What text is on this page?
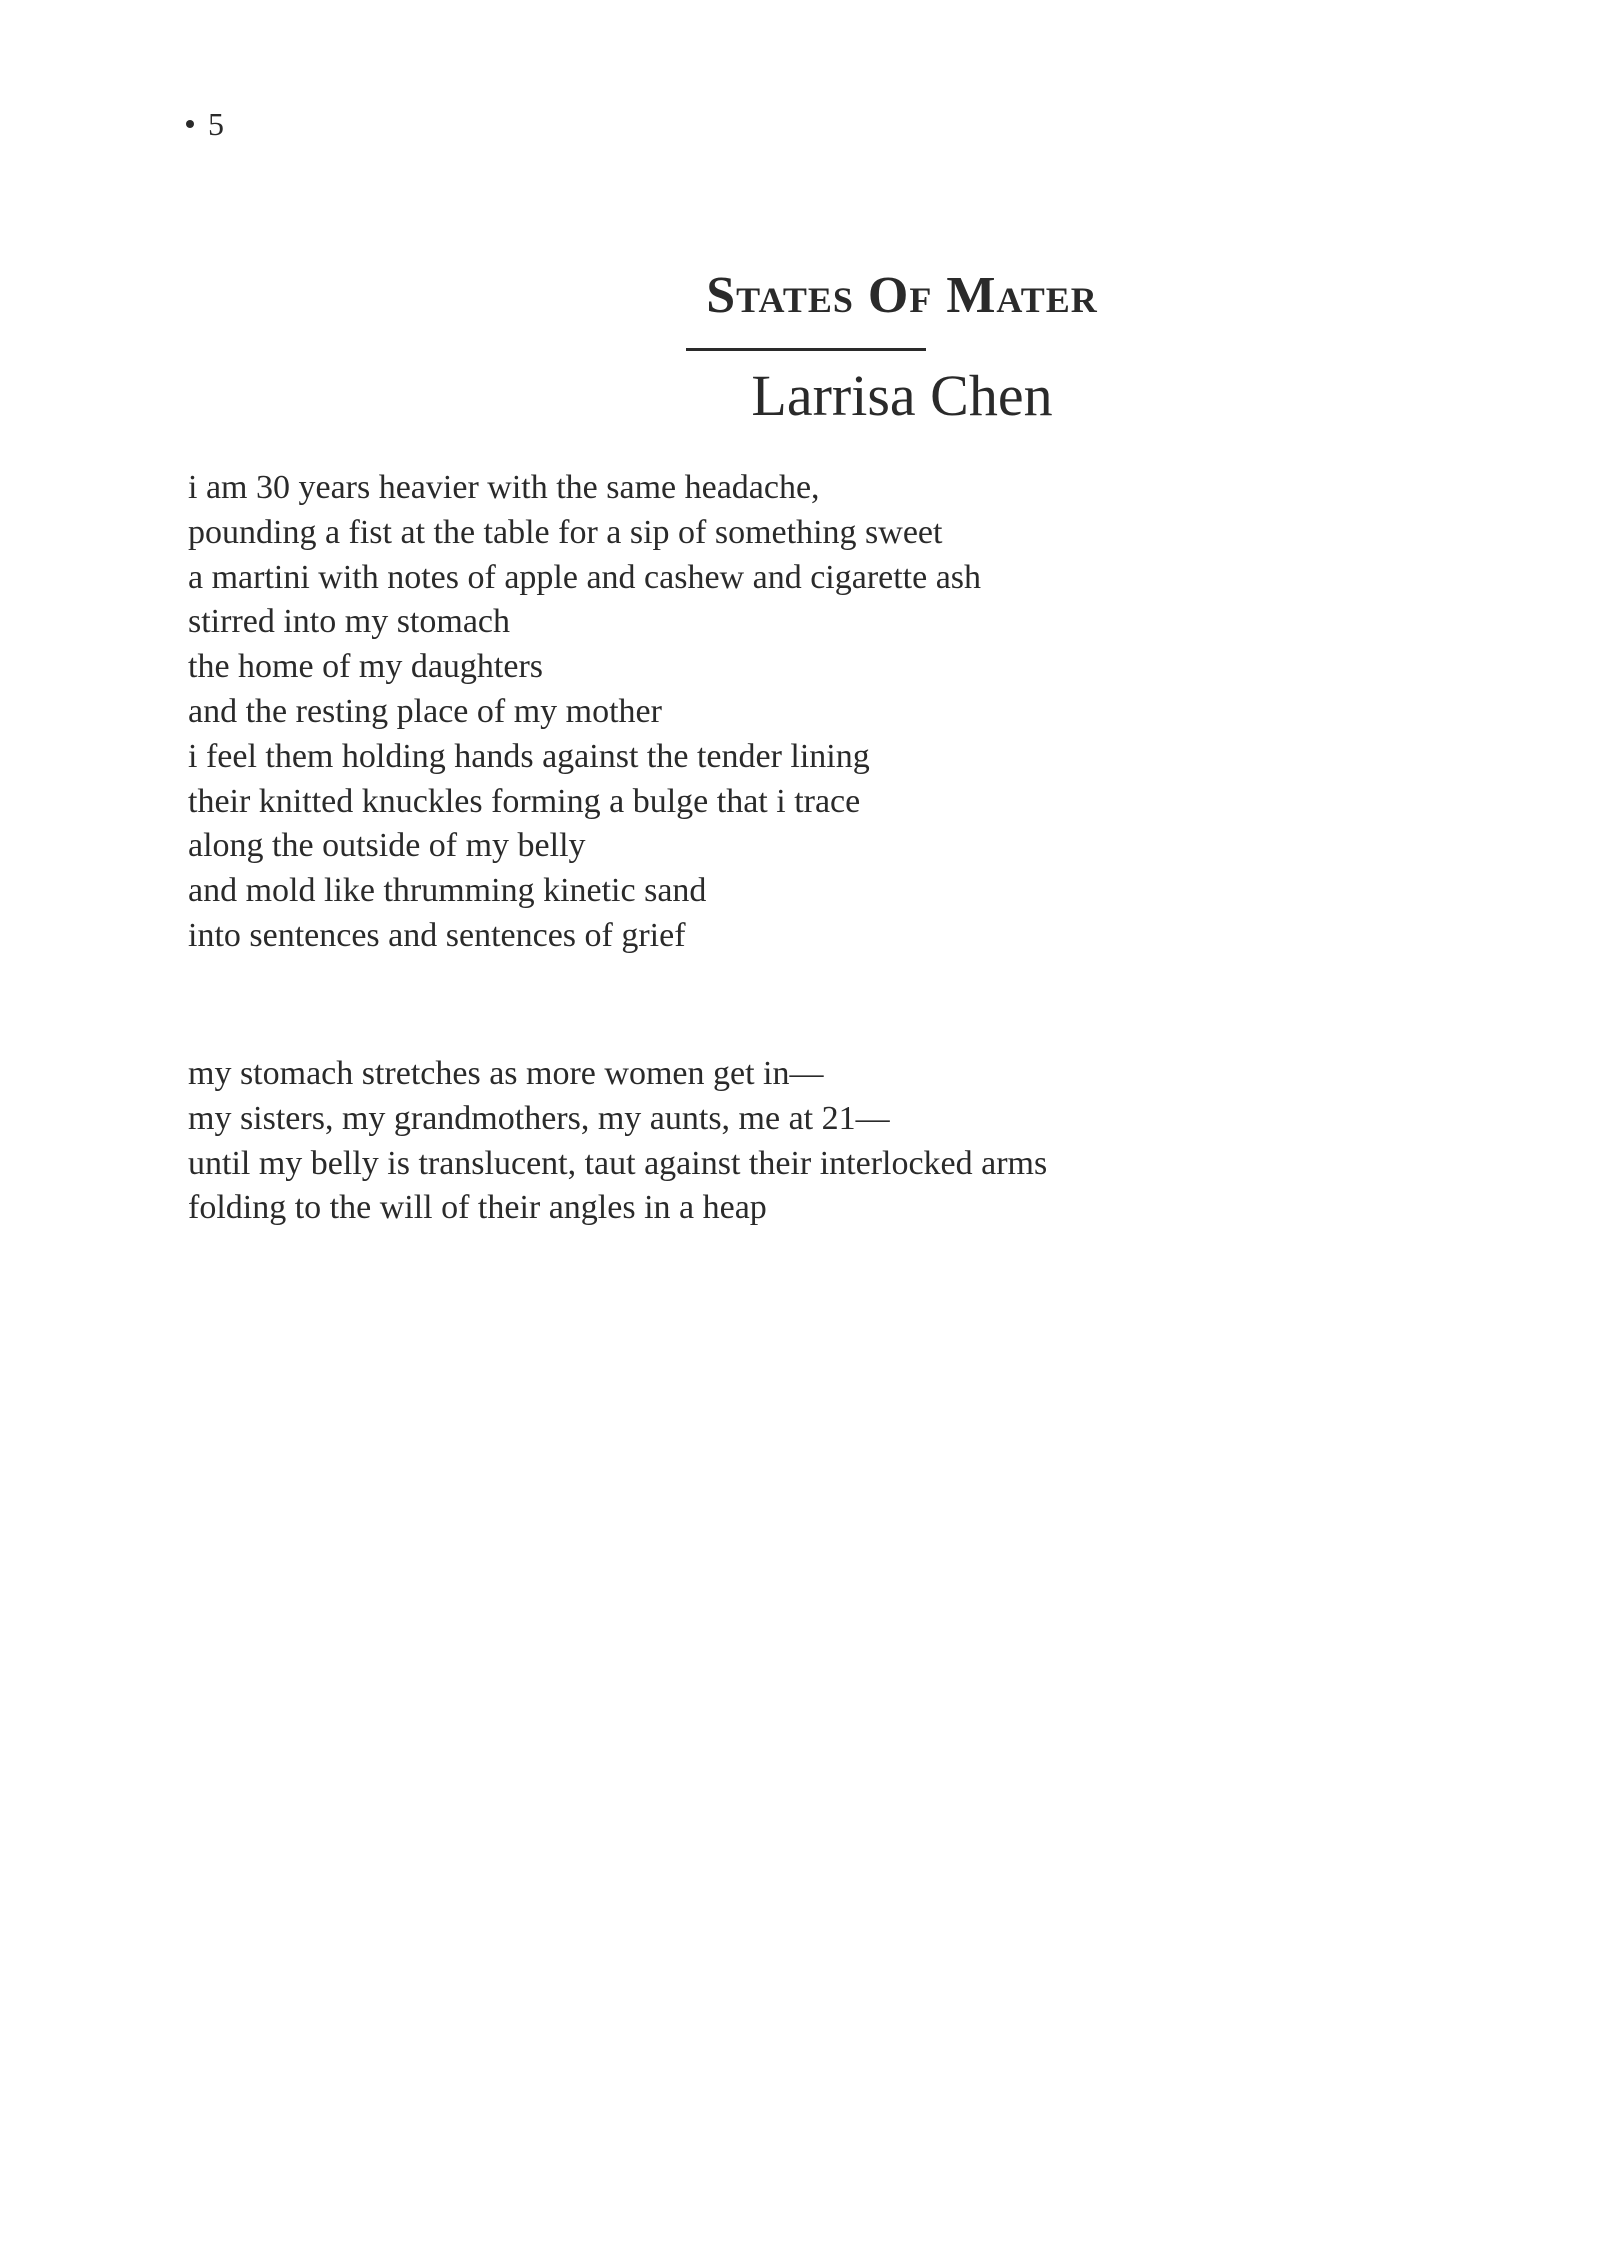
5
States Of Mater
Larrisa Chen
i am 30 years heavier with the same headache,
pounding a fist at the table for a sip of something sweet
a martini with notes of apple and cashew and cigarette ash
stirred into my stomach
the home of my daughters
and the resting place of my mother
i feel them holding hands against the tender lining
their knitted knuckles forming a bulge that i trace
along the outside of my belly
and mold like thrumming kinetic sand
into sentences and sentences of grief
my stomach stretches as more women get in—
my sisters, my grandmothers, my aunts, me at 21—
until my belly is translucent, taut against their interlocked arms
folding to the will of their angles in a heap
